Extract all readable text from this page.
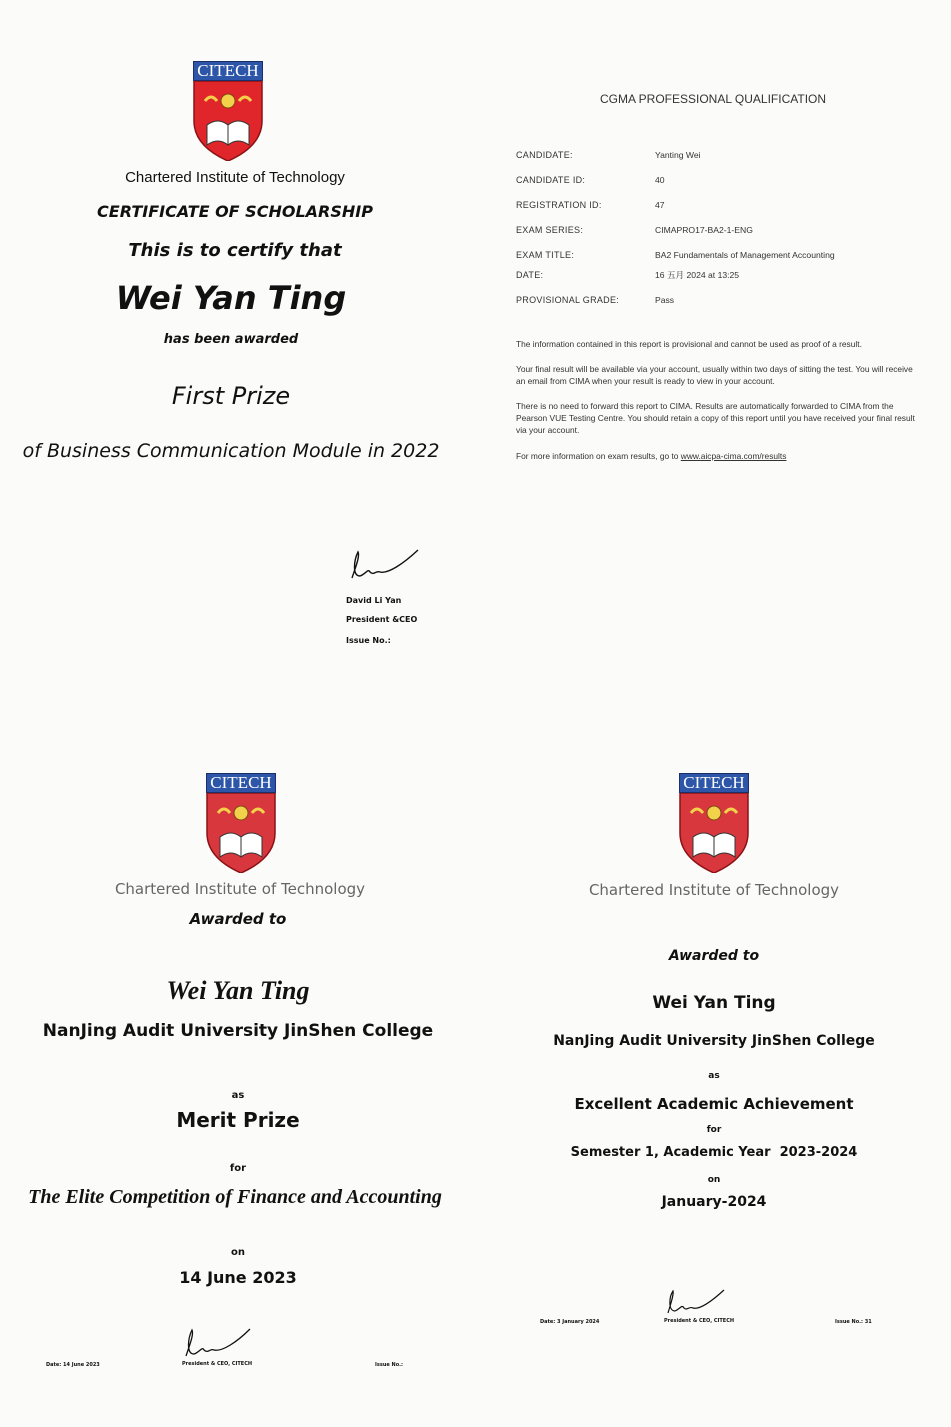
CITECH
Chartered Institute of Technology
CERTIFICATE OF SCHOLARSHIP
This is to certify that
Wei Yan Ting
has been awarded
First Prize
of Business Communication Module in 2022
David Li Yan
President &CEO
Issue No.:
CGMA PROFESSIONAL QUALIFICATION
CANDIDATE:	Yanting Wei
CANDIDATE ID:	40
REGISTRATION ID:	47
EXAM SERIES:	CIMAPRO17-BA2-1-ENG
EXAM TITLE:	BA2 Fundamentals of Management Accounting
DATE:	16 五月 2024 at 13:25
PROVISIONAL GRADE:	Pass
The information contained in this report is provisional and cannot be used as proof of a result.
Your final result will be available via your account, usually within two days of sitting the test. You will receive an email from CIMA when your result is ready to view in your account.
There is no need to forward this report to CIMA. Results are automatically forwarded to CIMA from the Pearson VUE Testing Centre. You should retain a copy of this report until you have received your final result via your account.
For more information on exam results, go to www.aicpa-cima.com/results
CITECH
Chartered Institute of Technology
Awarded to
Wei Yan Ting
NanJing Audit University JinShen College
as
Merit Prize
for
The Elite Competition of Finance and Accounting
on
14 June 2023
Date: 14 June 2023	President & CEO, CITECH	Issue No.:
CITECH
Chartered Institute of Technology
Awarded to
Wei Yan Ting
NanJing Audit University JinShen College
as
Excellent Academic Achievement
for
Semester 1, Academic Year  2023-2024
on
January-2024
Date: 3 January 2024	President & CEO, CITECH	Issue No.: 31
